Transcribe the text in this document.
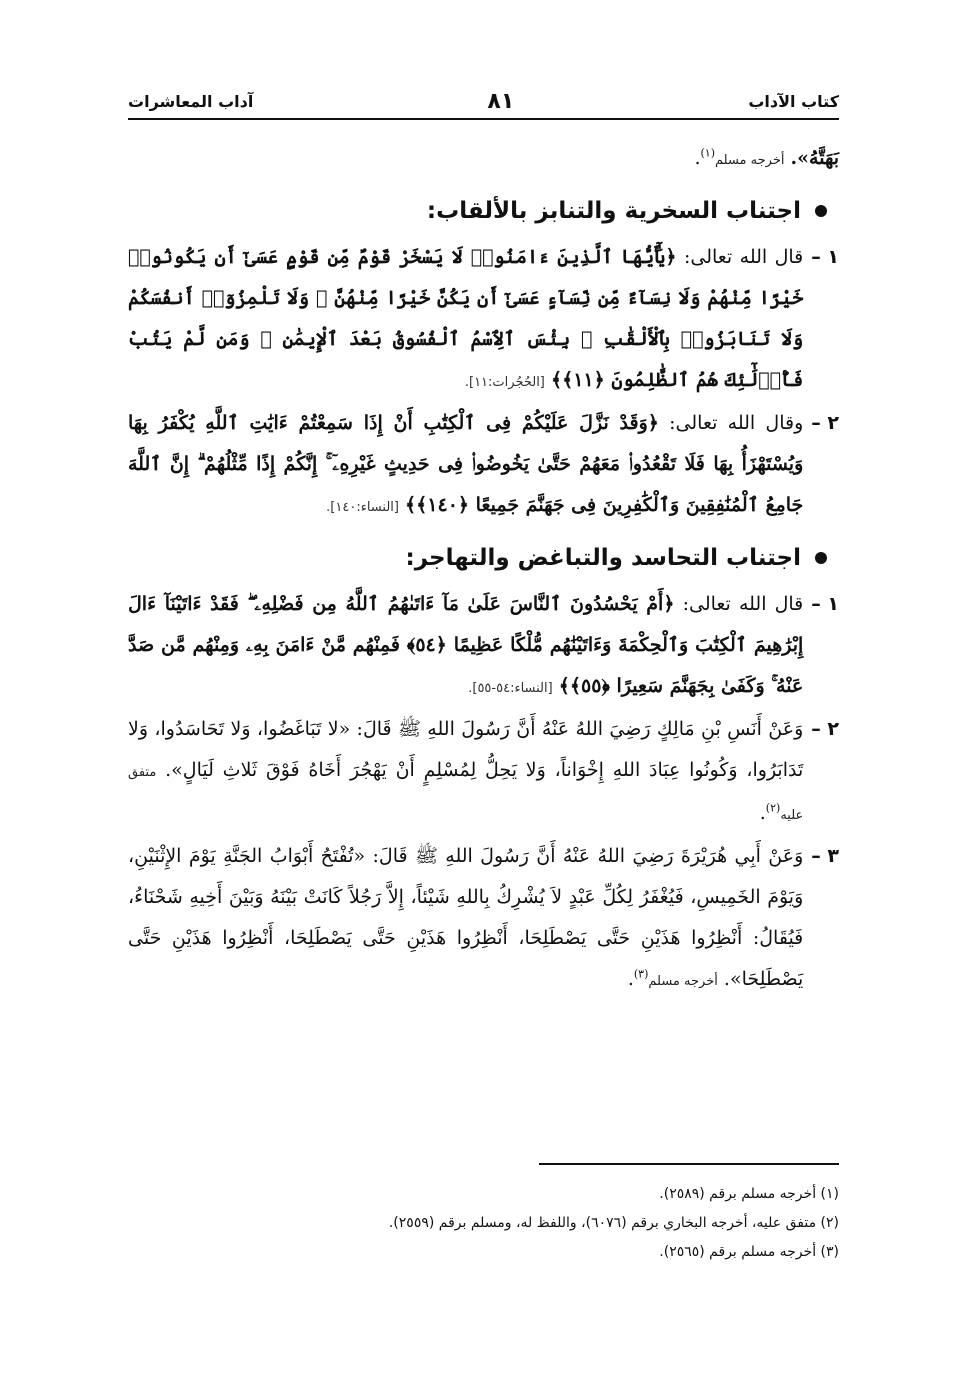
كتاب الآداب
٨١
آداب المعاشرات

بَهَتَّهُ». أخرجه مسلم$^{(١)}$.

اجتناب السخرية والتنابز بالألقاب:
١ –
قال الله تعالى: ﴿يَٰٓأَيُّهَا ٱلَّذِينَ ءَامَنُوا۟ لَا يَسْخَرْ قَوْمٌ مِّن قَوْمٍ عَسَىٰٓ أَن يَكُونُوا۟ خَيْرًا مِّنْهُمْ وَلَا نِسَآءٌ مِّن نِّسَآءٍ عَسَىٰٓ أَن يَكُنَّ خَيْرًا مِّنْهُنَّ ۖ وَلَا تَلْمِزُوٓا۟ أَنفُسَكُمْ وَلَا تَنَابَزُوا۟ بِٱلْأَلْقَٰبِ ۖ بِئْسَ ٱلِٱسْمُ ٱلْفُسُوقُ بَعْدَ ٱلْإِيمَٰنِ ۚ وَمَن لَّمْ يَتُبْ فَأُو۟لَٰٓئِكَ هُمُ ٱلظَّٰلِمُونَ ﴿١١﴾﴾ [الحُجُرات:١١].
٢ –
وقال الله تعالى: ﴿وَقَدْ نَزَّلَ عَلَيْكُمْ فِى ٱلْكِتَٰبِ أَنْ إِذَا سَمِعْتُمْ ءَايَٰتِ ٱللَّهِ يُكْفَرُ بِهَا وَيُسْتَهْزَأُ بِهَا فَلَا تَقْعُدُوا۟ مَعَهُمْ حَتَّىٰ يَخُوضُوا۟ فِى حَدِيثٍ غَيْرِهِۦٓ ۚ إِنَّكُمْ إِذًا مِّثْلُهُمْ ۗ إِنَّ ٱللَّهَ جَامِعُ ٱلْمُنَٰفِقِينَ وَٱلْكَٰفِرِينَ فِى جَهَنَّمَ جَمِيعًا ﴿١٤٠﴾﴾ [النساء:١٤٠].
اجتناب التحاسد والتباغض والتهاجر:
١ –
قال الله تعالى: ﴿أَمْ يَحْسُدُونَ ٱلنَّاسَ عَلَىٰ مَآ ءَاتَىٰهُمُ ٱللَّهُ مِن فَضْلِهِۦ ۖ فَقَدْ ءَاتَيْنَآ ءَالَ إِبْرَٰهِيمَ ٱلْكِتَٰبَ وَٱلْحِكْمَةَ وَءَاتَيْنَٰهُم مُّلْكًا عَظِيمًا ﴿٥٤﴾ فَمِنْهُم مَّنْ ءَامَنَ بِهِۦ وَمِنْهُم مَّن صَدَّ عَنْهُ ۚ وَكَفَىٰ بِجَهَنَّمَ سَعِيرًا ﴿٥٥﴾﴾ [النساء:٥٤-٥٥].
٢ –
وَعَنْ أَنَسِ بْنِ مَالِكٍ رَضِيَ اللهُ عَنْهُ أَنَّ رَسُولَ اللهِ ﷺ قَالَ: «لا تَبَاغَضُوا، وَلا تَحَاسَدُوا، وَلا تَدَابَرُوا، وَكُونُوا عِبَادَ اللهِ إِخْوَاناً، وَلا يَحِلُّ لِمُسْلِمٍ أَنْ يَهْجُرَ أَخَاهُ فَوْقَ ثَلاثِ لَيَالٍ». متفق عليه$^{(٢)}$.
٣ –
وَعَنْ أَبِي هُرَيْرَةَ رَضِيَ اللهُ عَنْهُ أَنَّ رَسُولَ اللهِ ﷺ قَالَ: «تُفْتَحُ أَبْوَابُ الجَنَّةِ يَوْمَ الإِثْنَيْنِ، وَيَوْمَ الخَمِيسِ، فَيُغْفَرُ لِكُلِّ عَبْدٍ لاَ يُشْرِكُ بِاللهِ شَيْئاً، إِلاَّ رَجُلاً كَانَتْ بَيْنَهُ وَبَيْنَ أَخِيهِ شَحْنَاءُ، فَيُقَالُ: أَنْظِرُوا هَذَيْنِ حَتَّى يَصْطَلِحَا، أَنْظِرُوا هَذَيْنِ حَتَّى يَصْطَلِحَا، أَنْظِرُوا هَذَيْنِ حَتَّى يَصْطَلِحَا». أخرجه مسلم$^{(٣)}$.
(١) أخرجه مسلم برقم (٢٥٨٩).
(٢) متفق عليه، أخرجه البخاري برقم (٦٠٧٦)، واللفظ له، ومسلم برقم (٢٥٥٩).
(٣) أخرجه مسلم برقم (٢٥٦٥).
